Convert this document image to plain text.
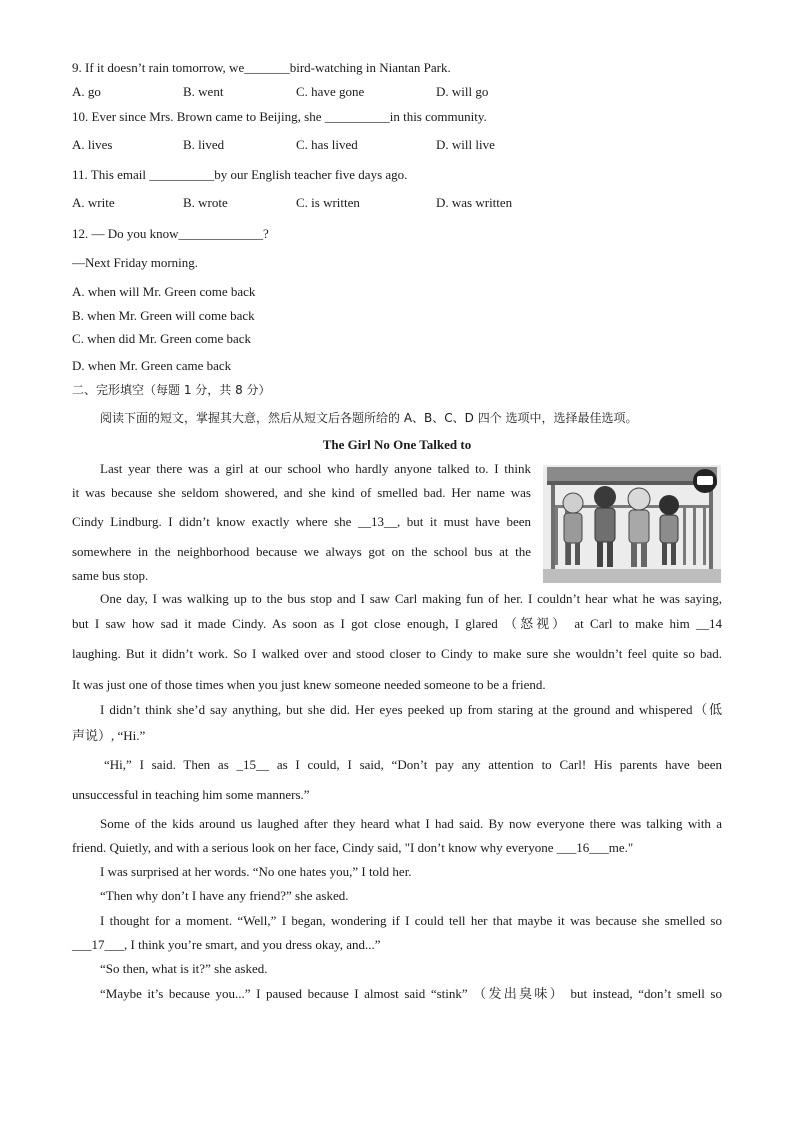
9. If it doesn’t rain tomorrow, we_______bird-watching in Niantan Park.
A. go	B. went	C. have gone	D. will go
10. Ever since Mrs. Brown came to Beijing, she __________in this community.
A. lives	B. lived	C. has lived	D. will live
11. This email __________by our English teacher five days ago.
A. write	B. wrote	C. is written	D. was written
12. — Do you know_____________?
—Next Friday morning.
A. when will Mr. Green come back
B. when Mr. Green will come back
C. when did Mr. Green come back
D. when Mr. Green came back
二、完形填空（每题 1 分，共 8 分）
阅读下面的短文，掌握其大意，然后从短文后各题所给的 A、B、C、D 四个 选项中，选择最佳选项。
The Girl No One Talked to
Last year there was a girl at our school who hardly anyone talked to. I think
it was because she seldom showered, and she kind of smelled bad. Her name was
Cindy Lindburg. I didn’t know exactly where she __13__, but it must have been
somewhere in the neighborhood because we always got on the school bus at the
same bus stop.
One day, I was walking up to the bus stop and I saw Carl making fun of her. I couldn’t hear what he was saying,
but I saw how sad it made Cindy. As soon as I got close enough, I glared （怒视） at Carl to make him __14
laughing. But it didn’t work. So I walked over and stood closer to Cindy to make sure she wouldn’t feel quite so bad.
It was just one of those times when you just knew someone needed someone to be a friend.
I didn’t think she’d say anything, but she did. Her eyes peeked up from staring at the ground and whispered（低
声说）, “Hi.”
“Hi,” I said. Then as _15__ as I could, I said, “Don’t pay any attention to Carl! His parents have been
unsuccessful in teaching him some manners.”
Some of the kids around us laughed after they heard what I had said. By now everyone there was talking with a
friend. Quietly, and with a serious look on her face, Cindy said, "I don’t know why everyone ___16___me."
I was surprised at her words. “No one hates you,” I told her.
“Then why don’t I have any friend?” she asked.
I thought for a moment. “Well,” I began, wondering if I could tell her that maybe it was because she smelled so
___17___, I think you’re smart, and you dress okay, and...”
“So then, what is it?” she asked.
“Maybe it’s because you...” I paused because I almost said “stink” （发出臭味） but instead, “don’t smell so
